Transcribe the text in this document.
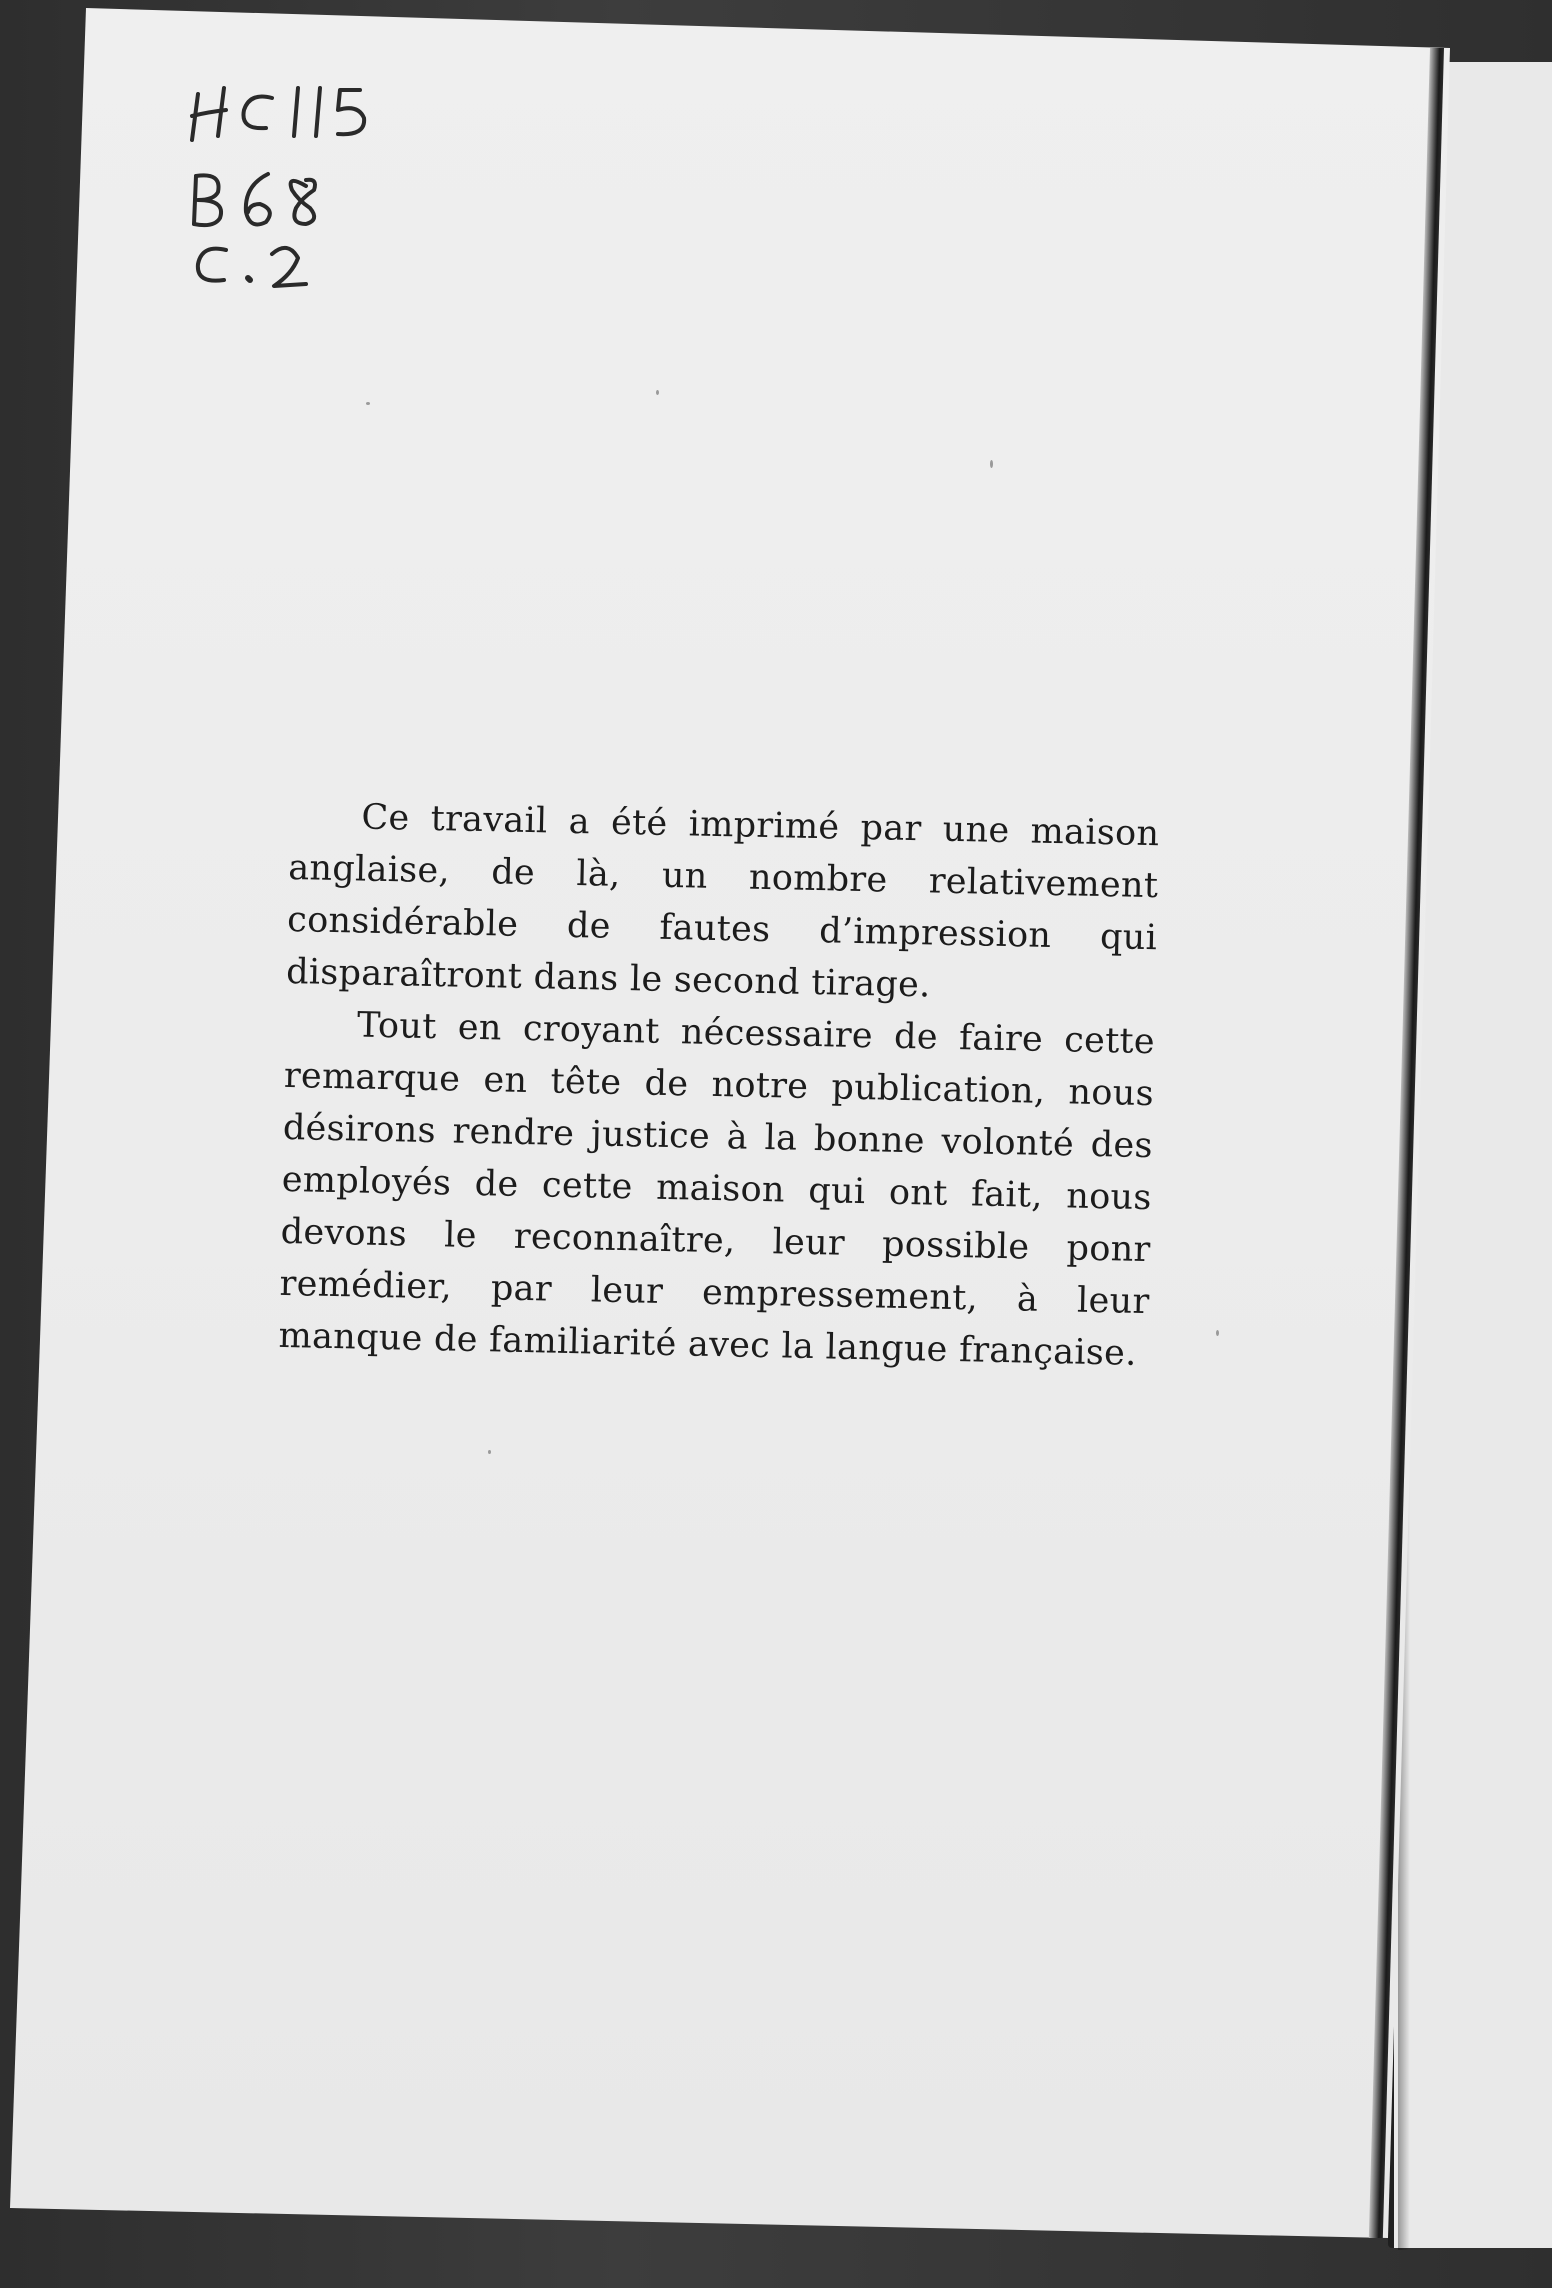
Ce travail a été imprimé par une maison anglaise, de là, un nombre relativement considérable de fautes d’impression qui disparaîtront dans le second tirage.

Tout en croyant nécessaire de faire cette remarque en tête de notre publication, nous désirons rendre justice à la bonne volonté des employés de cette maison qui ont fait, nous devons le reconnaître, leur possible ponr remédier, par leur empressement, à leur manque de familiarité avec la langue française.
